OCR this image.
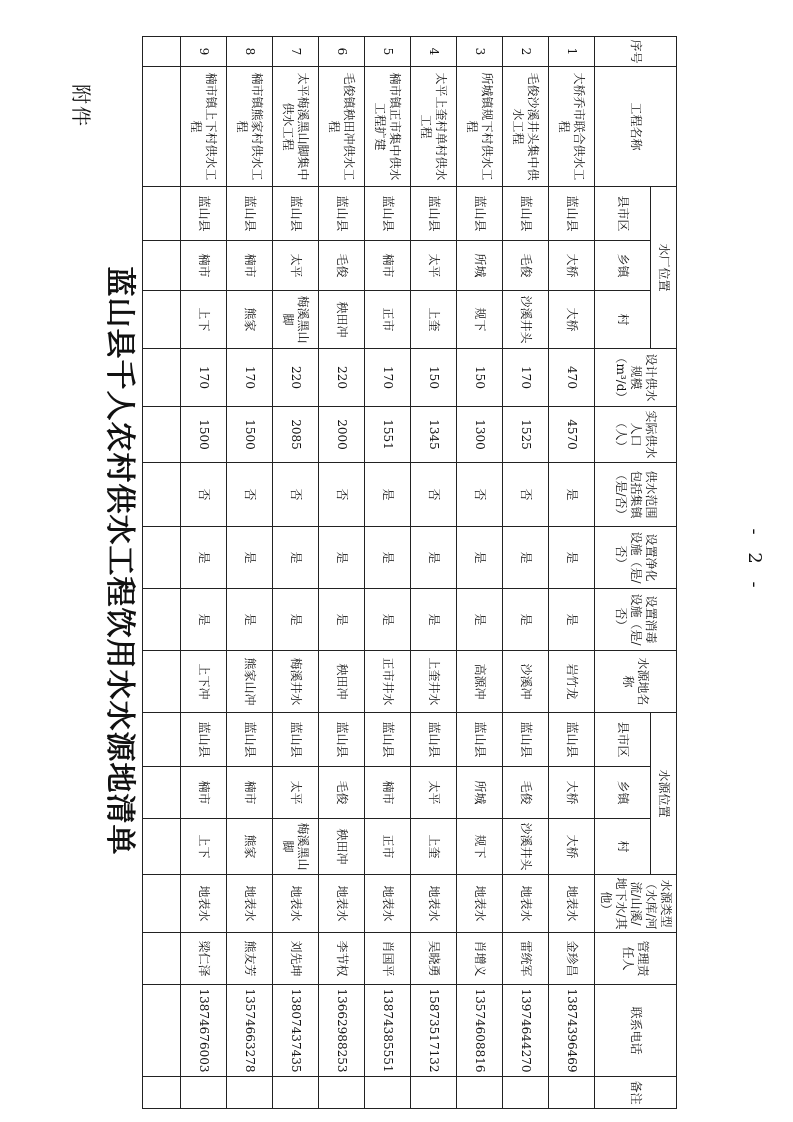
附件
蓝山县千人农村供水工程饮用水水源地清单
序号	工程名称	水厂位置			设计供水规模（m³/d）	实际供水人口（人）	供水范围包括集镇（是/否）	设置净化设施（是/否）	设置消毒设施（是/否）	水源地名称	水源位置			水源类型（水库/河流/山溪/地下水/其他）	管理责任人	联系电话	备注
		县市区	乡镇	村							县市区	乡镇	村				
1	大桥乔市联合供水工程	蓝山县	大桥	大桥	470	4570	是	是	是	岩竹龙	蓝山县	大桥	大桥	地表水	金珍昌	13874396469	
2	毛俊沙溪井头集中供水工程	蓝山县	毛俊	沙溪井头	170	1525	否	是	是	沙溪冲	蓝山县	毛俊	沙溪井头	地表水	雷统军	13974644270	
3	所城镇规下村供水工程	蓝山县	所城	规下	150	1300	否	是	是	高源冲	蓝山县	所城	规下	地表水	肖增义	13574608816	
4	太平上奎村单村供水工程	蓝山县	太平	上奎	150	1345	否	是	是	上奎井水	蓝山县	太平	上奎	地表水	吴晓勇	15873517132	
5	楠市镇正市集中供水工程扩建	蓝山县	楠市	正市	170	1551	是	是	是	正市井水	蓝山县	楠市	正市	地表水	肖国平	13874385551	
6	毛俊镇秧田冲供水工程	蓝山县	毛俊	秧田冲	220	2000	否	是	是	秧田冲	蓝山县	毛俊	秧田冲	地表水	李节权	13662988253	
7	太平梅溪黑山脚集中供水工程	蓝山县	太平	梅溪黑山脚	220	2085	否	是	是	梅溪井水	蓝山县	太平	梅溪黑山脚	地表水	刘先坤	13807437435	
8	楠市镇熊家村供水工程	蓝山县	楠市	熊家	170	1500	否	是	是	熊家山冲	蓝山县	楠市	熊家	地表水	熊友芳	13574663278	
9	楠市镇上下村供水工程	蓝山县	楠市	上下	170	1500	否	是	是	上下冲	蓝山县	楠市	上下	地表水	梁仁泽	13874676003	

- 2 -
